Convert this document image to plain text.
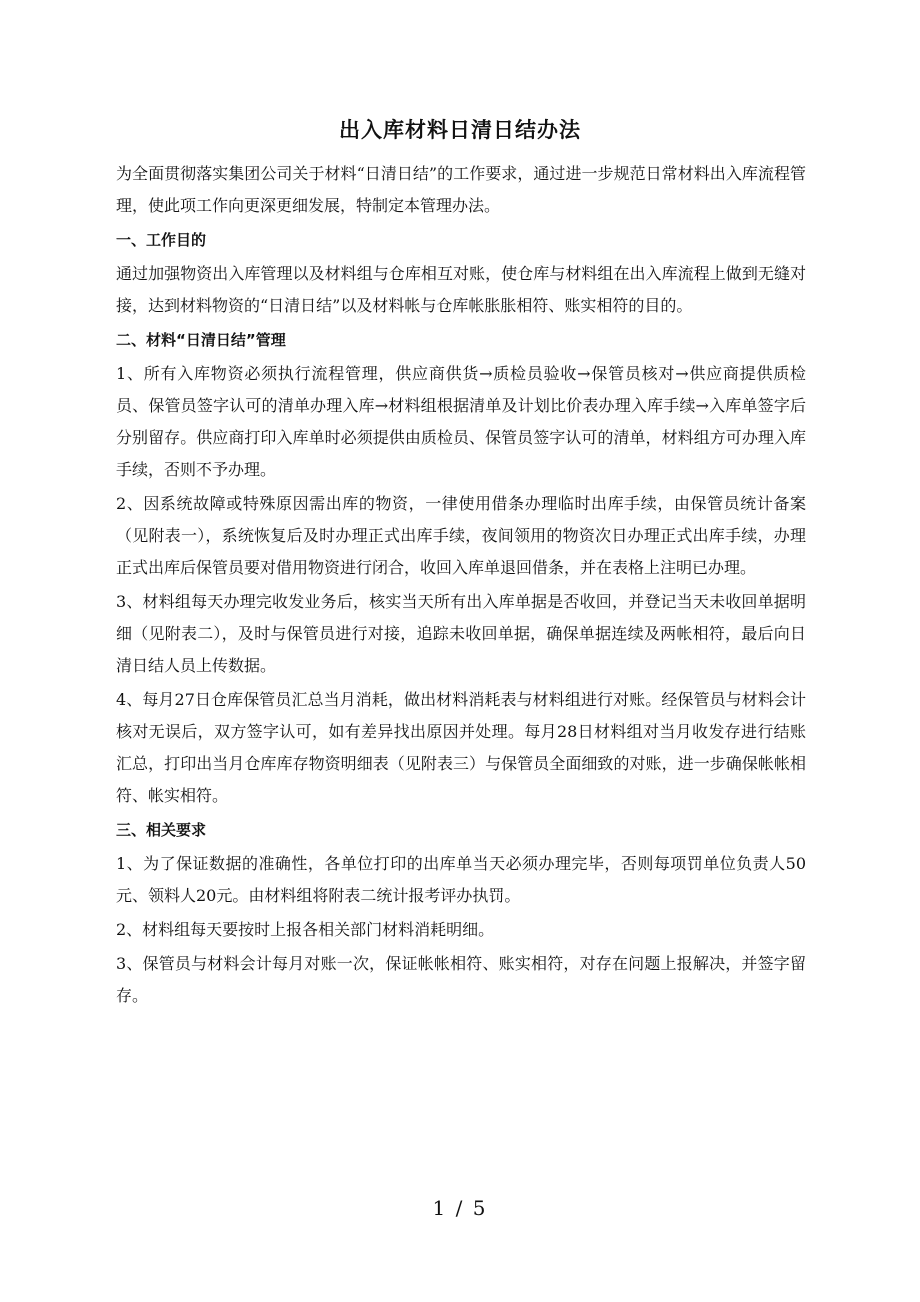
出入库材料日清日结办法

为全面贯彻落实集团公司关于材料“日清日结”的工作要求，通过进一步规范日常材料出入库流程管理，使此项工作向更深更细发展，特制定本管理办法。

一、工作目的

通过加强物资出入库管理以及材料组与仓库相互对账，使仓库与材料组在出入库流程上做到无缝对接，达到材料物资的“日清日结”以及材料帐与仓库帐胀胀相符、账实相符的目的。

二、材料“日清日结”管理

1、所有入库物资必须执行流程管理，供应商供货→质检员验收→保管员核对→供应商提供质检员、保管员签字认可的清单办理入库→材料组根据清单及计划比价表办理入库手续→入库单签字后分别留存。供应商打印入库单时必须提供由质检员、保管员签字认可的清单，材料组方可办理入库手续，否则不予办理。

2、因系统故障或特殊原因需出库的物资，一律使用借条办理临时出库手续，由保管员统计备案（见附表一），系统恢复后及时办理正式出库手续，夜间领用的物资次日办理正式出库手续，办理正式出库后保管员要对借用物资进行闭合，收回入库单退回借条，并在表格上注明已办理。

3、材料组每天办理完收发业务后，核实当天所有出入库单据是否收回，并登记当天未收回单据明细（见附表二），及时与保管员进行对接，追踪未收回单据，确保单据连续及两帐相符，最后向日清日结人员上传数据。

4、每月27日仓库保管员汇总当月消耗，做出材料消耗表与材料组进行对账。经保管员与材料会计核对无误后，双方签字认可，如有差异找出原因并处理。每月28日材料组对当月收发存进行结账汇总，打印出当月仓库库存物资明细表（见附表三）与保管员全面细致的对账，进一步确保帐帐相符、帐实相符。

三、相关要求

1、为了保证数据的准确性，各单位打印的出库单当天必须办理完毕，否则每项罚单位负责人50元、领料人20元。由材料组将附表二统计报考评办执罚。

2、材料组每天要按时上报各相关部门材料消耗明细。

3、保管员与材料会计每月对账一次，保证帐帐相符、账实相符，对存在问题上报解决，并签字留存。

1 / 5
